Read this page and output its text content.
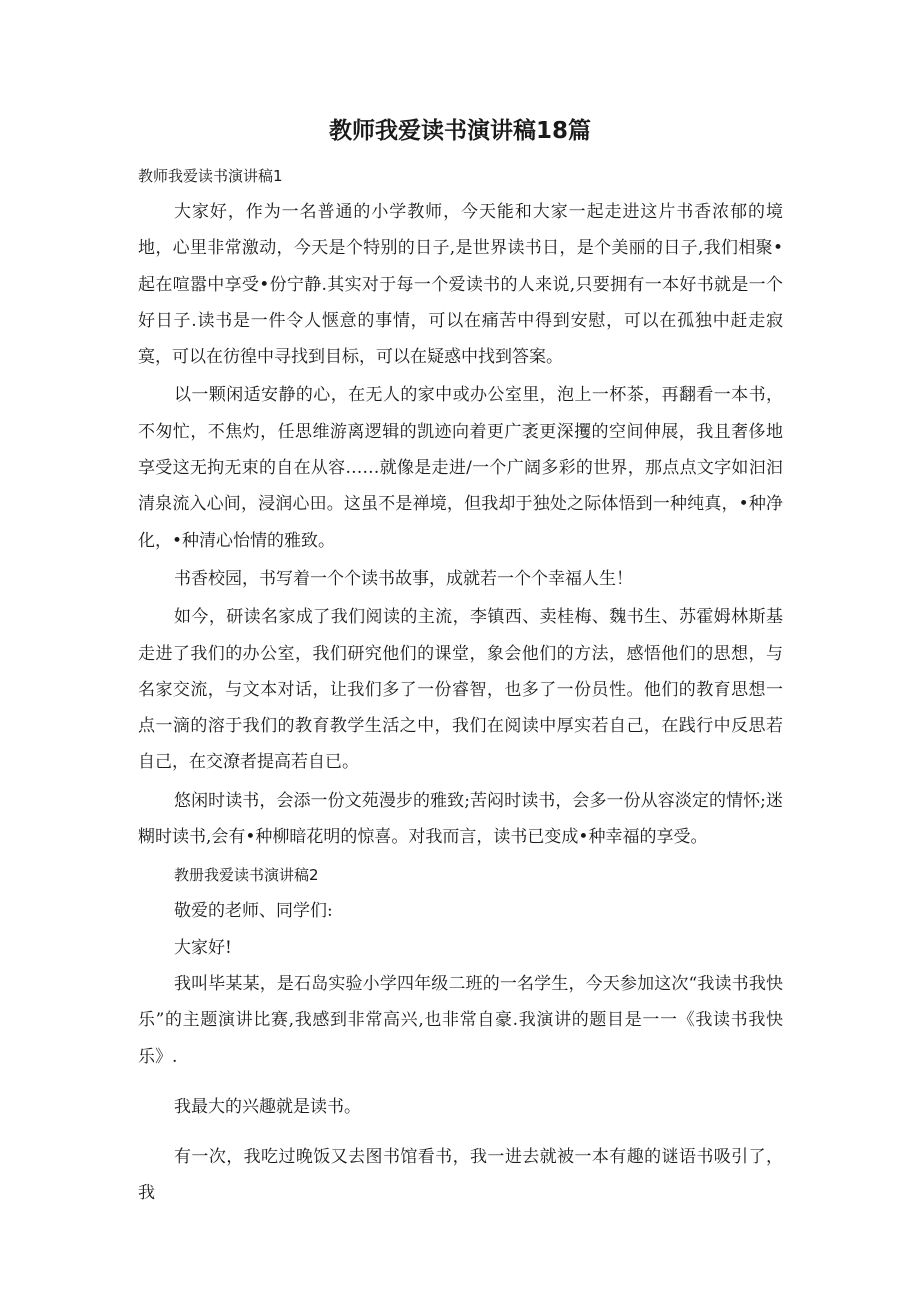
教师我爱读书演讲稿18篇

教师我爱读书演讲稿1

大家好，作为一名普通的小学教师，今天能和大家一起走进这片书香浓郁的境地，心里非常激动，今天是个特别的日子,是世界读书日，是个美丽的日子,我们相聚•起在喧嚣中享受•份宁静.其实对于每一个爱读书的人来说,只要拥有一本好书就是一个好日子.读书是一件令人惬意的事情，可以在痛苦中得到安慰，可以在孤独中赶走寂寞，可以在彷徨中寻找到目标，可以在疑惑中找到答案。

以一颗闲适安静的心，在无人的家中或办公室里，泡上一杯茶，再翻看一本书，不匆忙，不焦灼，任思维游离逻辑的凯迹向着更广袤更深攫的空间伸展，我且奢侈地享受这无拘无束的自在从容……就像是走进/一个广阔多彩的世界，那点点文字如汩汩清泉流入心间，浸润心田。这虽不是禅境，但我却于独处之际体悟到一种纯真，•种净化，•种清心怡情的雅致。

书香校园，书写着一个个读书故事，成就若一个个幸福人生！

如今，研读名家成了我们阅读的主流，李镇西、卖桂梅、魏书生、苏霍姆林斯基走进了我们的办公室，我们研究他们的课堂，象会他们的方法，感悟他们的思想，与名家交流，与文本对话，让我们多了一份睿智，也多了一份员性。他们的教育思想一点一滴的溶于我们的教育教学生活之中，我们在阅读中厚实若自己，在践行中反思若自己，在交潦者提高若自已。

悠闲时读书，会添一份文苑漫步的雅致;苦闷时读书，会多一份从容淡定的情怀;迷糊时读书,会有•种柳暗花明的惊喜。对我而言，读书已变成•种幸福的享受。

教册我爱读书演讲稿2

敬爱的老师、同学们:

大家好!

我叫毕某某，是石岛实验小学四年级二班的一名学生，今天参加这次“我读书我快乐”的主题演讲比赛,我感到非常高兴,也非常自豪.我演讲的题目是一一《我读书我快乐》.

我最大的兴趣就是读书。

有一次，我吃过晚饭又去图书馆看书，我一进去就被一本有趣的谜语书吸引了，我
